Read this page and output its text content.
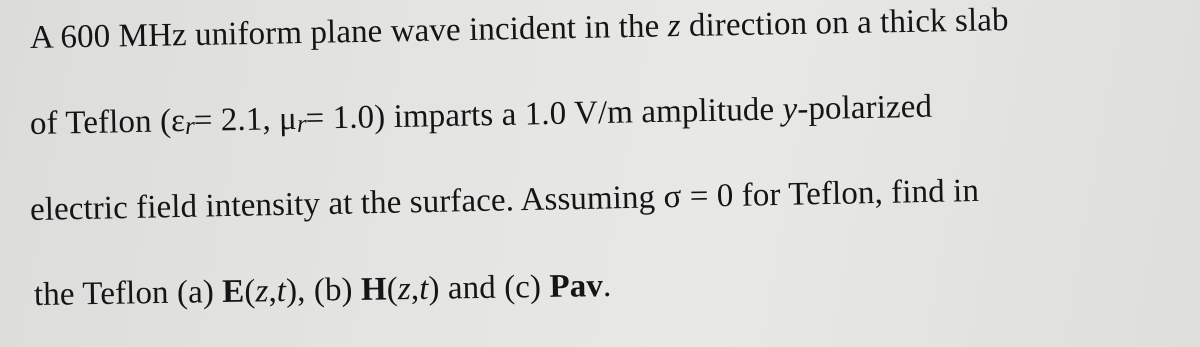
A 600 MHz uniform plane wave incident in the z direction on a thick slab
of Teflon (εr= 2.1, μr= 1.0) imparts a 1.0 V/m amplitude y-polarized
electric field intensity at the surface. Assuming σ = 0 for Teflon, find in
the Teflon (a) E(z,t), (b) H(z,t) and (c) Pav.
